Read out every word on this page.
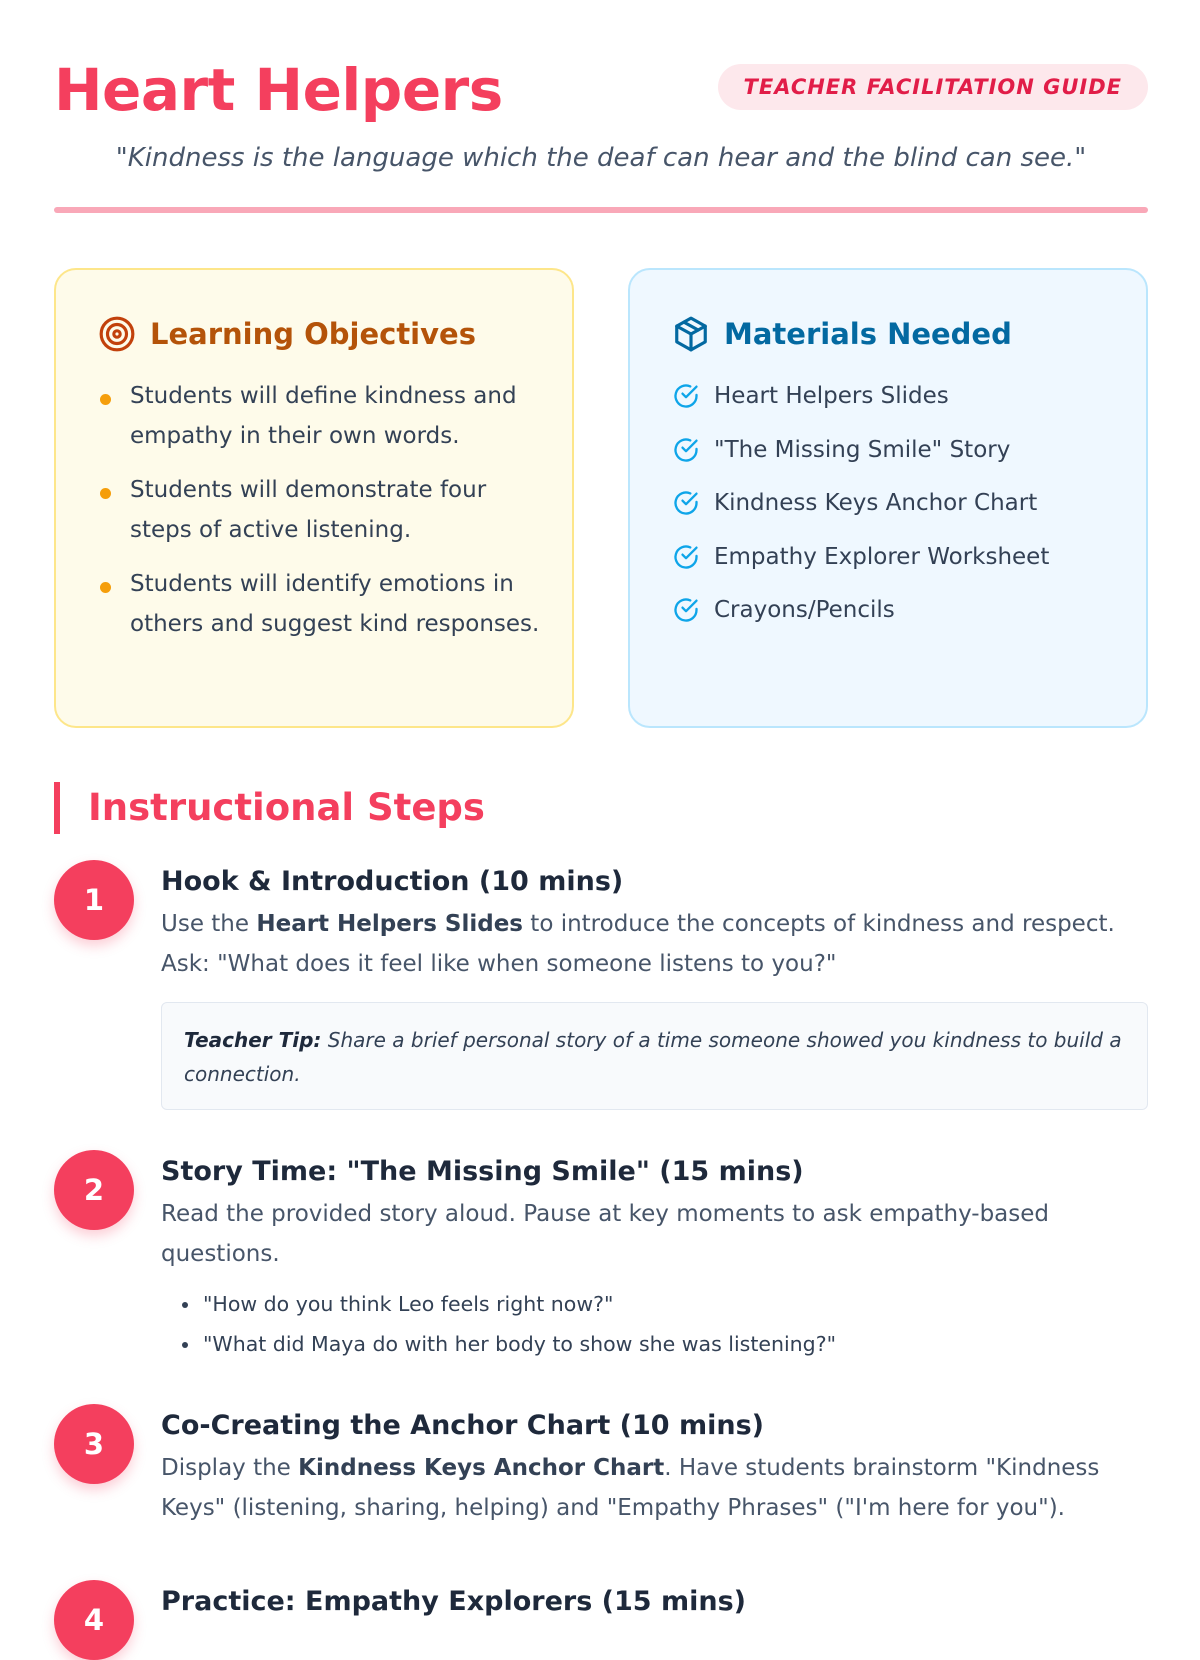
Heart Helpers	TEACHER FACILITATION GUIDE
"Kindness is the language which the deaf can hear and the blind can see."
Learning Objectives
Students will define kindness and empathy in their own words.
Students will demonstrate four steps of active listening.
Students will identify emotions in others and suggest kind responses.
Materials Needed
Heart Helpers Slides
"The Missing Smile" Story
Kindness Keys Anchor Chart
Empathy Explorer Worksheet
Crayons/Pencils
Instructional Steps
1
Hook & Introduction (10 mins)
Use the Heart Helpers Slides to introduce the concepts of kindness and respect. Ask: "What does it feel like when someone listens to you?"
Teacher Tip: Share a brief personal story of a time someone showed you kindness to build a connection.
2
Story Time: "The Missing Smile" (15 mins)
Read the provided story aloud. Pause at key moments to ask empathy-based questions.
• "How do you think Leo feels right now?"
• "What did Maya do with her body to show she was listening?"
3
Co-Creating the Anchor Chart (10 mins)
Display the Kindness Keys Anchor Chart. Have students brainstorm "Kindness Keys" (listening, sharing, helping) and "Empathy Phrases" ("I'm here for you").
4
Practice: Empathy Explorers (15 mins)
